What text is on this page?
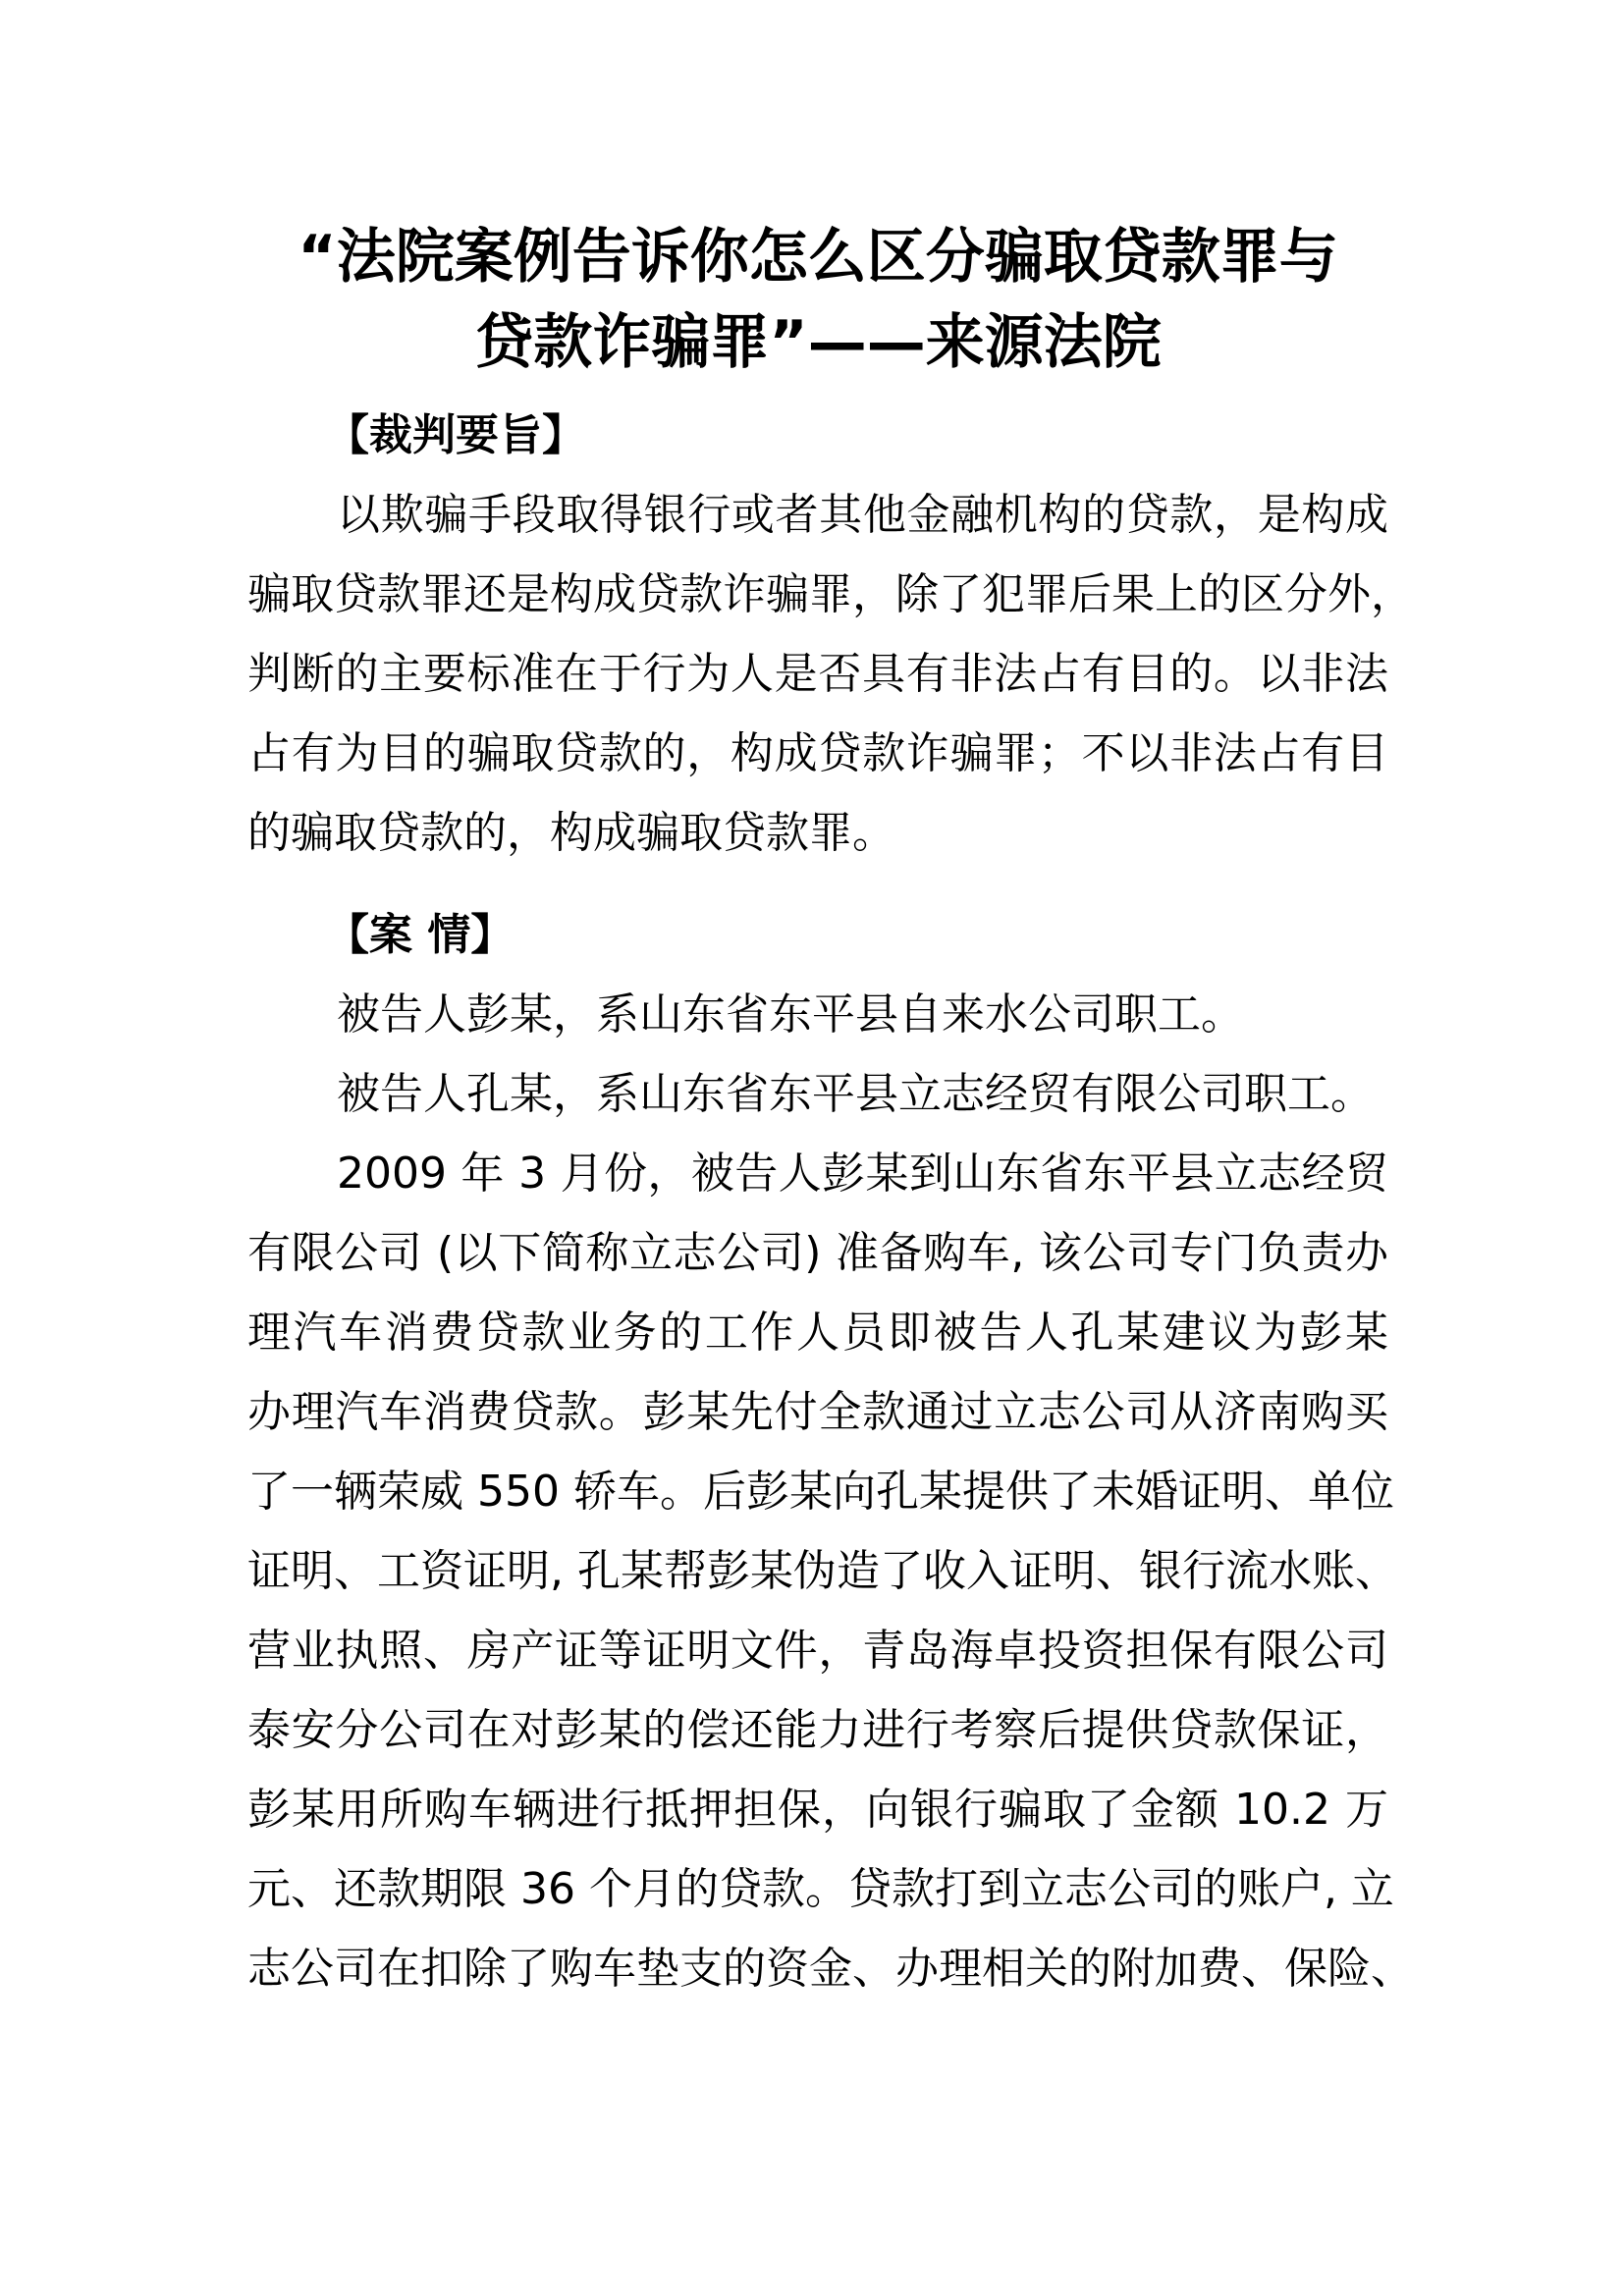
“法院案例告诉你怎么区分骗取贷款罪与
贷款诈骗罪”——来源法院
【裁判要旨】
以欺骗手段取得银行或者其他金融机构的贷款，是构成
骗取贷款罪还是构成贷款诈骗罪，除了犯罪后果上的区分外，
判断的主要标准在于行为人是否具有非法占有目的。以非法
占有为目的骗取贷款的，构成贷款诈骗罪；不以非法占有目
的骗取贷款的，构成骗取贷款罪。
【案 情】
被告人彭某，系山东省东平县自来水公司职工。
被告人孔某，系山东省东平县立志经贸有限公司职工。
2009 年 3 月份，被告人彭某到山东省东平县立志经贸
有限公司 (以下简称立志公司) 准备购车, 该公司专门负责办
理汽车消费贷款业务的工作人员即被告人孔某建议为彭某
办理汽车消费贷款。彭某先付全款通过立志公司从济南购买
了一辆荣威 550 轿车。后彭某向孔某提供了未婚证明、单位
证明、工资证明, 孔某帮彭某伪造了收入证明、银行流水账、
营业执照、房产证等证明文件，青岛海卓投资担保有限公司
泰安分公司在对彭某的偿还能力进行考察后提供贷款保证，
彭某用所购车辆进行抵押担保，向银行骗取了金额 10.2 万
元、还款期限 36 个月的贷款。贷款打到立志公司的账户, 立
志公司在扣除了购车垫支的资金、办理相关的附加费、保险、
